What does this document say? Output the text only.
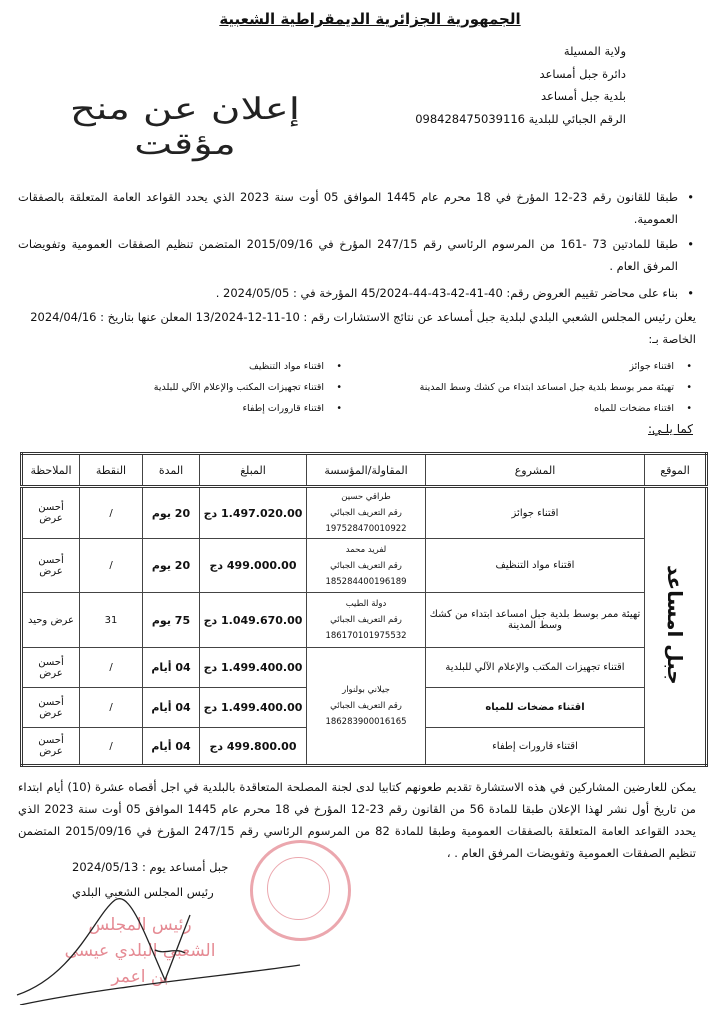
الجمهورية الجزائرية الديمقراطية الشعبية
ولاية المسيلة
دائرة جبل أمساعد
بلدية جبل أمساعد
الرقم الجبائي للبلدية 098428475039116
إعلان عن منح مؤقت

•
طبقا للقانون رقم 23-12 المؤرخ في 18 محرم عام 1445 الموافق 05 أوت سنة 2023 الذي يحدد القواعد العامة المتعلقة بالصفقات العمومية.

•
طبقا للمادتين 73 -161 من المرسوم الرئاسي رقم 247/15 المؤرخ في 2015/09/16 المتضمن تنظيم الصفقات العمومية وتفويضات المرفق العام .

•
بناء على محاضر تقييم العروض رقم: 40-41-42-43-44-45/2024 المؤرخة في : 2024/05/05 .

يعلن رئيس المجلس الشعبي البلدي لبلدية جبل أمساعد عن نتائج الاستشارات رقم : 10-11-12-13/2024 المعلن عنها بتاريخ : 2024/04/16 الخاصة بـ:
• اقتناء جوائز
• تهيئة ممر بوسط بلدية جبل امساعد ابتداء من كشك وسط المدينة
• اقتناء مضخات للمياه
• اقتناء مواد التنظيف
• اقتناء تجهيزات المكتب والإعلام الآلي للبلدية
• اقتناء قارورات إطفاء
كما يلـي:
الموقع	المشروع	المقاولة/المؤسسة	المبلغ	المدة	النقطة	الملاحظة
جبل امساعد	اقتناء جوائز	طراقي حسين
رقم التعريف الجبائي
197528470010922	1.497.020.00 دج	20 يوم	/	أحسن عرض
	اقتناء مواد التنظيف	لفريد محمد
رقم التعريف الجبائي
185284400196189	499.000.00 دج	20 يوم	/	أحسن عرض
	تهيئة ممر بوسط بلدية جبل امساعد ابتداء من كشك وسط المدينة	دولة الطيب
رقم التعريف الجبائي
186170101975532	1.049.670.00 دج	75 يوم	31	عرض وحيد
	اقتناء تجهيزات المكتب والإعلام الآلي للبلدية	جيلاني بولنوار
رقم التعريف الجبائي
186283900016165	1.499.400.00 دج	04 أيام	/	أحسن عرض
	اقتناء مضخات للمياه		1.499.400.00 دج	04 أيام	/	أحسن عرض
	اقتناء قارورات إطفاء		499.800.00 دج	04 أيام	/	أحسن عرض
يمكن للعارضين المشاركين في هذه الاستشارة تقديم طعونهم كتابيا لدى لجنة المصلحة المتعاقدة بالبلدية في اجل أقصاه عشرة (10) أيام ابتداء من تاريخ أول نشر لهذا الإعلان طبقا للمادة 56 من القانون رقم 23-12 المؤرخ في 18 محرم عام 1445 الموافق 05 أوت سنة 2023 الذي يحدد القواعد العامة المتعلقة بالصفقات العمومية وطبقا للمادة 82 من المرسوم الرئاسي رقم 247/15 المؤرخ في 2015/09/16 المتضمن تنظيم الصفقات العمومية وتفويضات المرفق العام . ،
جبل أمساعد يوم : 2024/05/13
رئيس المجلس الشعبي البلدي
رئيس المجلس الشعبي البلدي عيسى بن اعمر
